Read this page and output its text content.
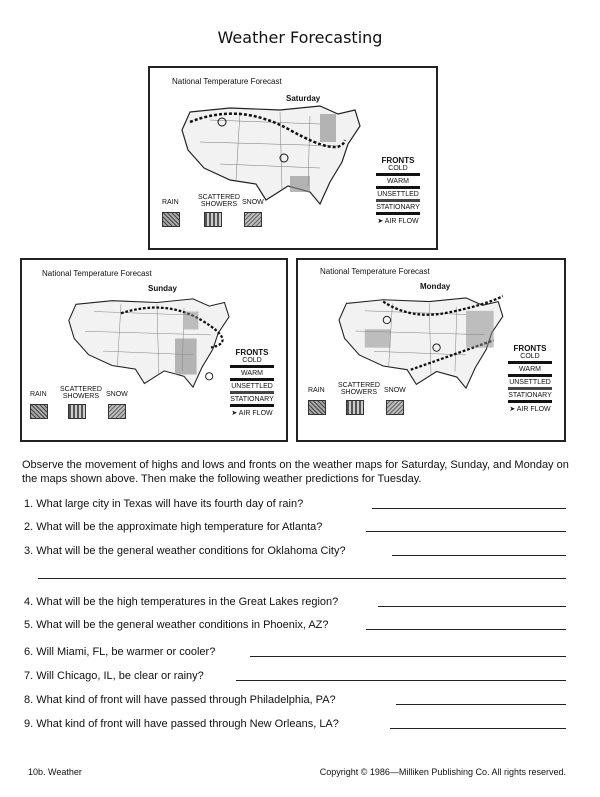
Weather Forecasting
National Temperature Forecast
Saturday
RAIN
SCATTERED
SHOWERS SNOW
FRONTS
COLD
WARM
UNSETTLED
STATIONARY
➤ AIR FLOW
National Temperature Forecast
Sunday
RAIN
SCATTERED
SHOWERS SNOW
FRONTS
COLD
WARM
UNSETTLED
STATIONARY
➤ AIR FLOW
National Temperature Forecast
Monday
RAIN
SCATTERED
SHOWERS SNOW
FRONTS
COLD
WARM
UNSETTLED
STATIONARY
➤ AIR FLOW
Observe the movement of highs and lows and fronts on the weather maps for Saturday, Sunday, and Monday on the maps shown above. Then make the following weather predictions for Tuesday.
1. What large city in Texas will have its fourth day of rain?
2. What will be the approximate high temperature for Atlanta?
3. What will be the general weather conditions for Oklahoma City?
4. What will be the high temperatures in the Great Lakes region?
5. What will be the general weather conditions in Phoenix, AZ?
6. Will Miami, FL, be warmer or cooler?
7. Will Chicago, IL, be clear or rainy?
8. What kind of front will have passed through Philadelphia, PA?
9. What kind of front will have passed through New Orleans, LA?
10b. Weather	Copyright © 1986—Milliken Publishing Co. All rights reserved.
